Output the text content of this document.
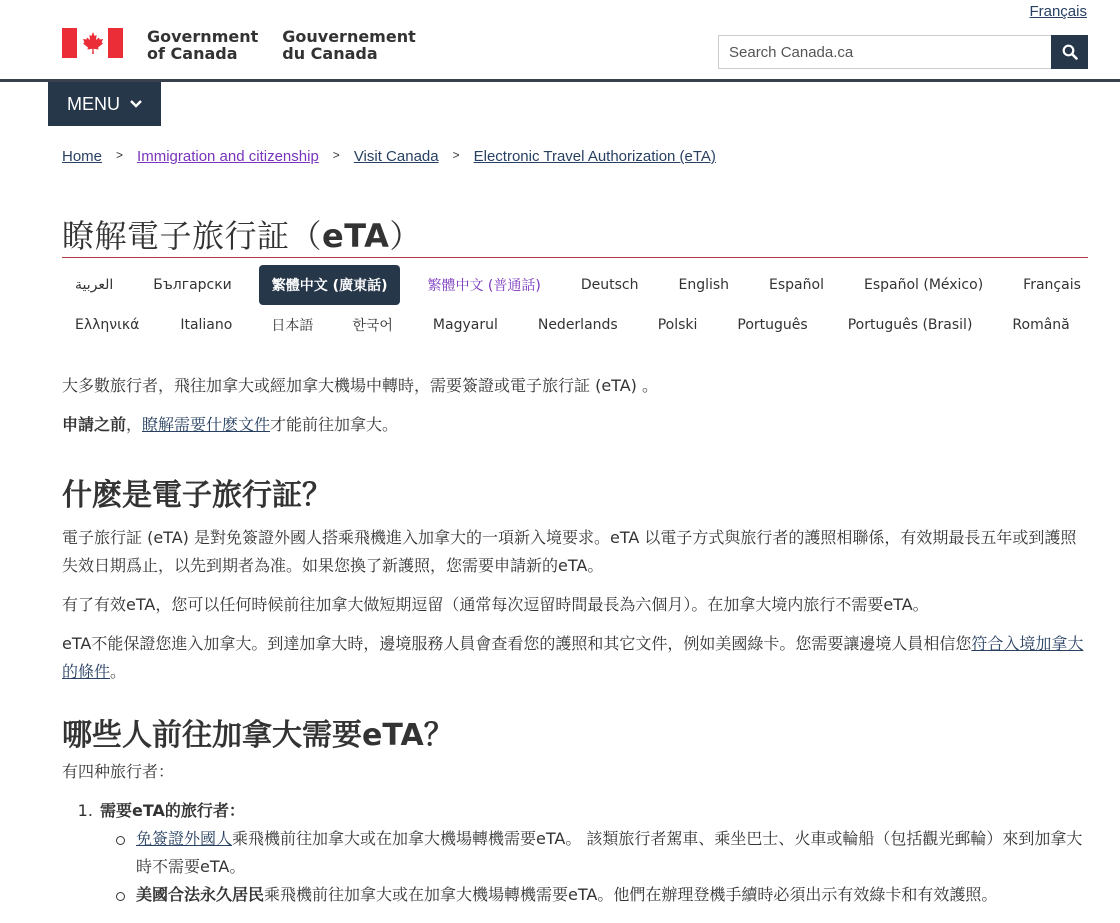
Français
Government
of Canada
Gouvernement
du Canada
Search Canada.ca
MENU
Home > Immigration and citizenship > Visit Canada > Electronic Travel Authorization (eTA)
瞭解電子旅行証（eTA）
العربية	Български	繁體中文 (廣東話)	繁體中文 (普通話)	Deutsch	English	Español	Español (México)	Français
Ελληνικά	Italiano	日本語	한국어	Magyarul	Nederlands	Polski	Português	Português (Brasil)	Română

大多數旅行者，飛往加拿大或經加拿大機場中轉時，需要簽證或電子旅行証 (eTA) 。

申請之前，瞭解需要什麽文件才能前往加拿大。

什麽是電子旅行証？

電子旅行証 (eTA) 是對免簽證外國人搭乘飛機進入加拿大的一項新入境要求。eTA 以電子方式與旅行者的護照相聯係，有效期最長五年或到護照失效日期爲止，以先到期者為准。如果您換了新護照，您需要申請新的eTA。

有了有效eTA，您可以任何時候前往加拿大做短期逗留（通常每次逗留時間最長為六個月）。在加拿大境内旅行不需要eTA。

eTA不能保證您進入加拿大。到達加拿大時，邊境服務人員會查看您的護照和其它文件，例如美國綠卡。您需要讓邊境人員相信您符合入境加拿大的條件。

哪些人前往加拿大需要eTA？

有四种旅行者：

1. 需要eTA的旅行者：
免簽證外國人乘飛機前往加拿大或在加拿大機場轉機需要eTA。 該類旅行者駕車、乘坐巴士、火車或輪船（包括觀光郵輪）來到加拿大時不需要eTA。
美國合法永久居民乘飛機前往加拿大或在加拿大機場轉機需要eTA。他們在辦理登機手續時必須出示有效綠卡和有效護照。
